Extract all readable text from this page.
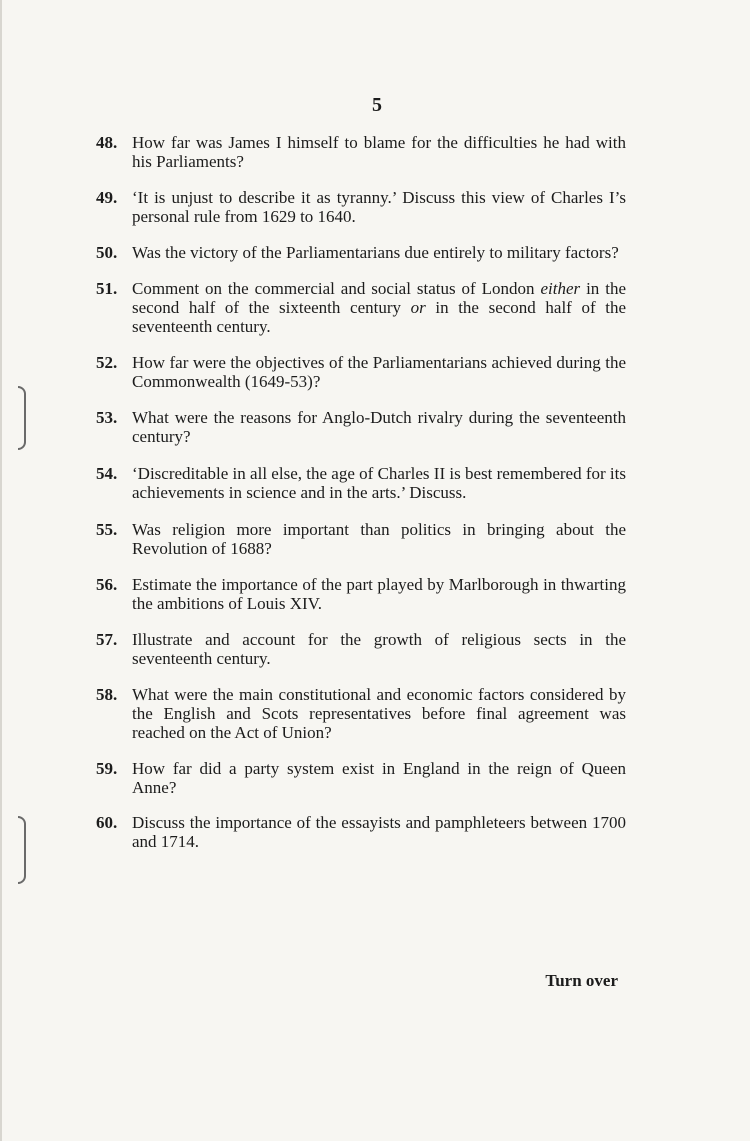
5
48. How far was James I himself to blame for the difficulties he had with his Parliaments?
49. ‘It is unjust to describe it as tyranny.’ Discuss this view of Charles I’s personal rule from 1629 to 1640.
50. Was the victory of the Parliamentarians due entirely to military factors?
51. Comment on the commercial and social status of London either in the second half of the sixteenth century or in the second half of the seventeenth century.
52. How far were the objectives of the Parliamentarians achieved during the Commonwealth (1649-53)?
53. What were the reasons for Anglo-Dutch rivalry during the seventeenth century?
54. ‘Discreditable in all else, the age of Charles II is best remembered for its achievements in science and in the arts.’ Discuss.
55. Was religion more important than politics in bringing about the Revolution of 1688?
56. Estimate the importance of the part played by Marlborough in thwarting the ambitions of Louis XIV.
57. Illustrate and account for the growth of religious sects in the seventeenth century.
58. What were the main constitutional and economic factors considered by the English and Scots representatives before final agreement was reached on the Act of Union?
59. How far did a party system exist in England in the reign of Queen Anne?
60. Discuss the importance of the essayists and pamphleteers between 1700 and 1714.
Turn over
